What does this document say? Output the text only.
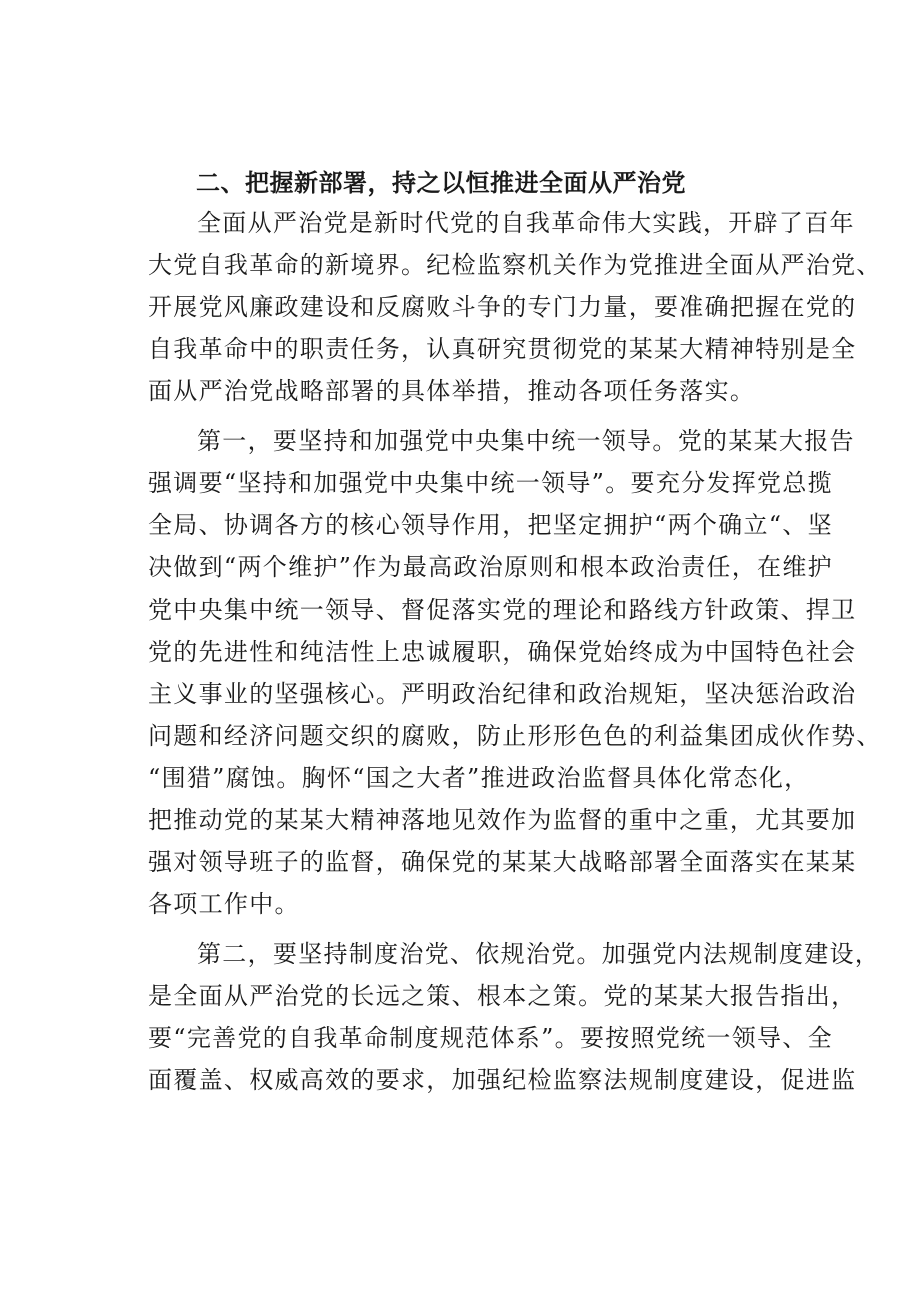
二、把握新部署，持之以恒推进全面从严治党

全面从严治党是新时代党的自我革命伟大实践，开辟了百年

大党自我革命的新境界。纪检监察机关作为党推进全面从严治党、

开展党风廉政建设和反腐败斗争的专门力量，要准确把握在党的

自我革命中的职责任务，认真研究贯彻党的某某大精神特别是全

面从严治党战略部署的具体举措，推动各项任务落实。

第一，要坚持和加强党中央集中统一领导。党的某某大报告

强调要“坚持和加强党中央集中统一领导”。要充分发挥党总揽

全局、协调各方的核心领导作用，把坚定拥护“两个确立“、坚

决做到“两个维护”作为最高政治原则和根本政治责任，在维护

党中央集中统一领导、督促落实党的理论和路线方针政策、捍卫

党的先进性和纯洁性上忠诚履职，确保党始终成为中国特色社会

主义事业的坚强核心。严明政治纪律和政治规矩，坚决惩治政治

问题和经济问题交织的腐败，防止形形色色的利益集团成伙作势、

“围猎”腐蚀。胸怀“国之大者”推进政治监督具体化常态化，

把推动党的某某大精神落地见效作为监督的重中之重，尤其要加

强对领导班子的监督，确保党的某某大战略部署全面落实在某某

各项工作中。

第二，要坚持制度治党、依规治党。加强党内法规制度建设，

是全面从严治党的长远之策、根本之策。党的某某大报告指出，

要“完善党的自我革命制度规范体系”。要按照党统一领导、全

面覆盖、权威高效的要求，加强纪检监察法规制度建设，促进监
